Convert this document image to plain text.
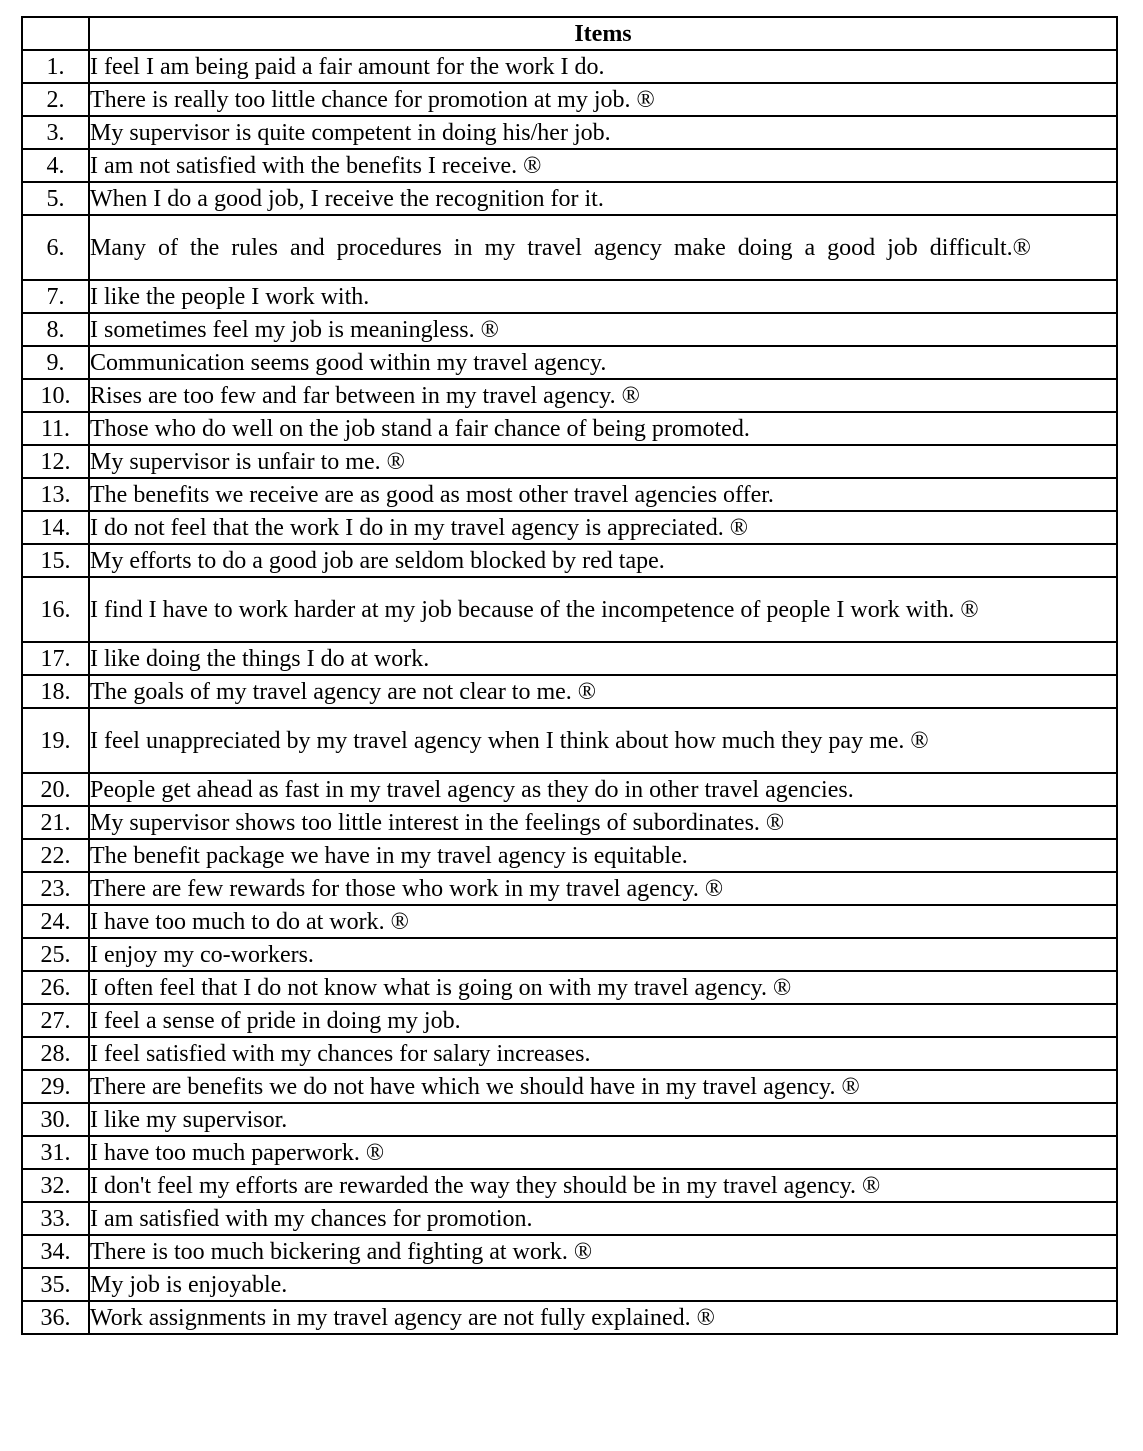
	Items
1.	I feel I am being paid a fair amount for the work I do.
2.	There is really too little chance for promotion at my job. ®
3.	My supervisor is quite competent in doing his/her job.
4.	I am not satisfied with the benefits I receive. ®
5.	When I do a good job, I receive the recognition for it.
6.	Many of the rules and procedures in my travel agency make doing a good job difficult.®
7.	I like the people I work with.
8.	I sometimes feel my job is meaningless. ®
9.	Communication seems good within my travel agency.
10.	Rises are too few and far between in my travel agency. ®
11.	Those who do well on the job stand a fair chance of being promoted.
12.	My supervisor is unfair to me. ®
13.	The benefits we receive are as good as most other travel agencies offer.
14.	I do not feel that the work I do in my travel agency is appreciated. ®
15.	My efforts to do a good job are seldom blocked by red tape.
16.	I find I have to work harder at my job because of the incompetence of people I work with. ®
17.	I like doing the things I do at work.
18.	The goals of my travel agency are not clear to me. ®
19.	I feel unappreciated by my travel agency when I think about how much they pay me. ®
20.	People get ahead as fast in my travel agency as they do in other travel agencies.
21.	My supervisor shows too little interest in the feelings of subordinates. ®
22.	The benefit package we have in my travel agency is equitable.
23.	There are few rewards for those who work in my travel agency. ®
24.	I have too much to do at work. ®
25.	I enjoy my co-workers.
26.	I often feel that I do not know what is going on with my travel agency. ®
27.	I feel a sense of pride in doing my job.
28.	I feel satisfied with my chances for salary increases.
29.	There are benefits we do not have which we should have in my travel agency. ®
30.	I like my supervisor.
31.	I have too much paperwork. ®
32.	I don't feel my efforts are rewarded the way they should be in my travel agency. ®
33.	I am satisfied with my chances for promotion.
34.	There is too much bickering and fighting at work. ®
35.	My job is enjoyable.
36.	Work assignments in my travel agency are not fully explained. ®
